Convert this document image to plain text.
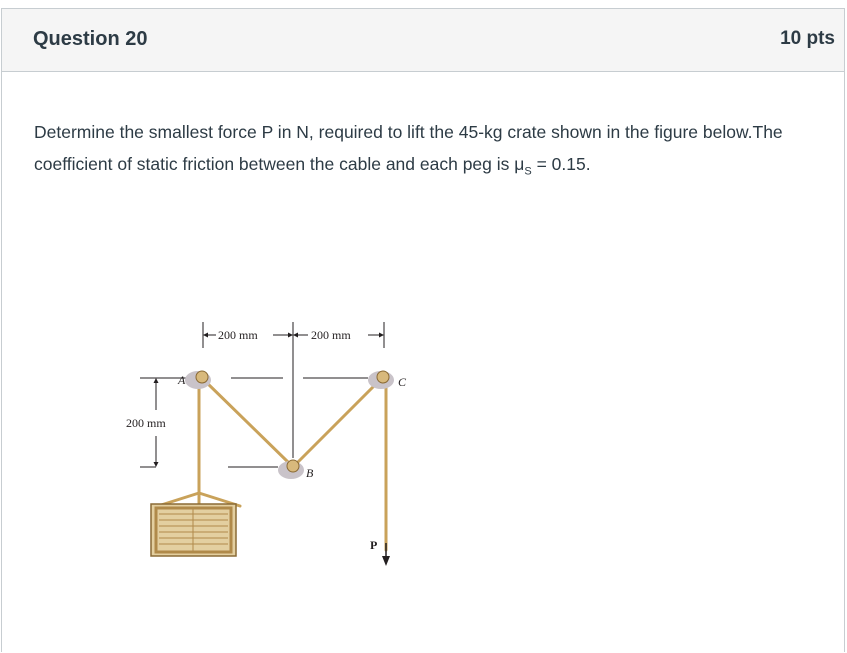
Question 20	10 pts
Determine the smallest force P in N, required to lift the 45-kg crate shown in the figure below.The coefficient of static friction between the cable and each peg is $\mu_S = 0.15$.
200 mm	200 mm
200 mm
A
B
C
P
